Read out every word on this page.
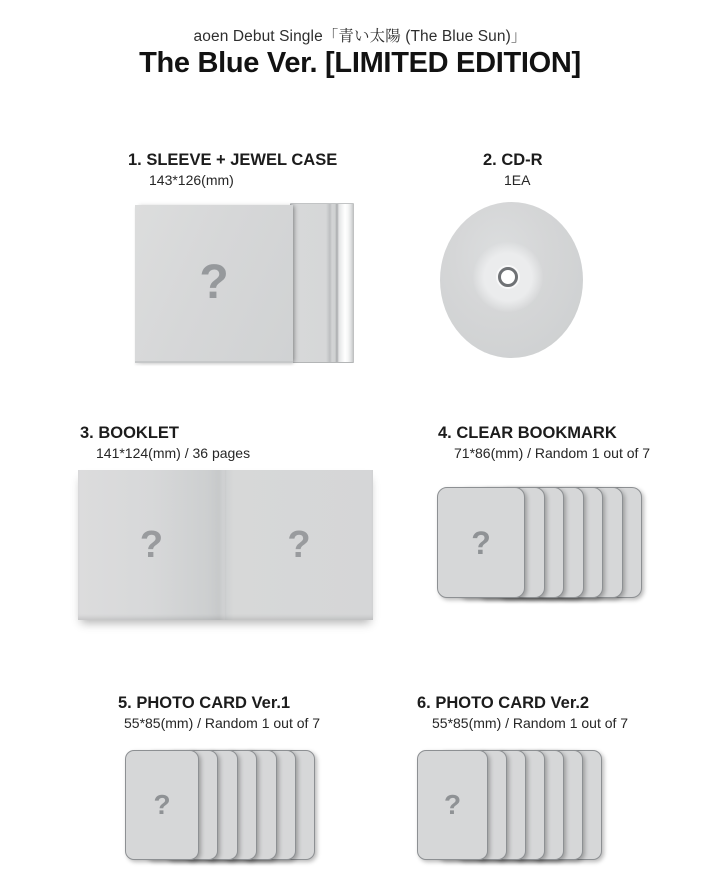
aoen Debut Single「青い太陽 (The Blue Sun)」
The Blue Ver. [LIMITED EDITION]
1. SLEEVE + JEWEL CASE
143*126(mm)
2. CD-R
1EA
3. BOOKLET
141*124(mm) / 36 pages
4. CLEAR BOOKMARK
71*86(mm) / Random 1 out of 7
5. PHOTO CARD Ver.1
55*85(mm) / Random 1 out of 7
6. PHOTO CARD Ver.2
55*85(mm) / Random 1 out of 7
?
?	?	?
?	?
